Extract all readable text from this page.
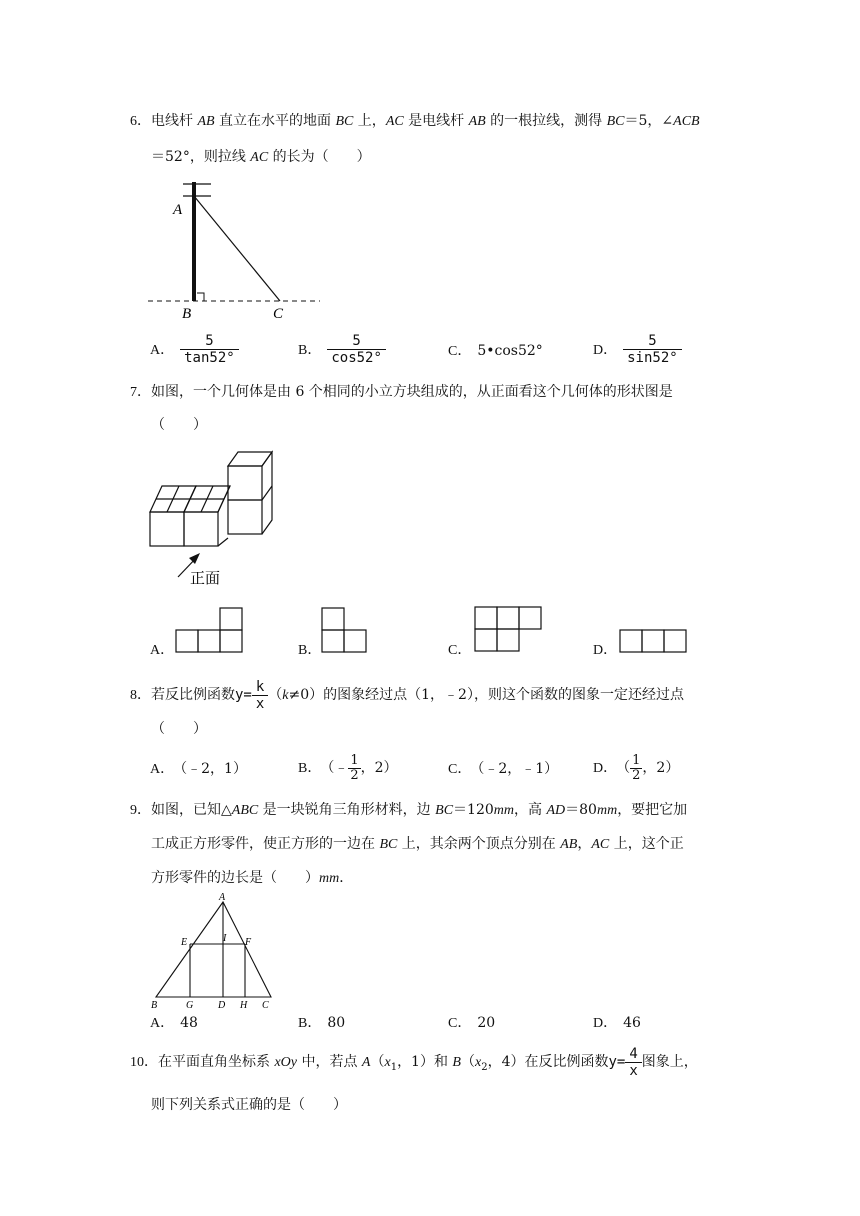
6．电线杆 AB 直立在水平的地面 BC 上，AC 是电线杆 AB 的一根拉线，测得 BC＝5，∠ACB
＝52°，则拉线 AC 的长为（　　）
A
B	C
A． $\frac{5}{\tan 52^\circ}$	B． $\frac{5}{\cos 52^\circ}$	C． 5•cos52°	D． $\frac{5}{\sin 52^\circ}$
7．如图，一个几何体是由 6 个相同的小立方块组成的，从正面看这个几何体的形状图是
（　　）
正面
A．	B．	C．	D．
8．若反比例函数$y= \frac{k}{x} (k\ne 0)$的图象经过点（1，﹣2），则这个函数的图象一定还经过点
（　　）
A． （﹣2，1）	B． （﹣ $\frac{1}{2}$ ，2）	C． （﹣2，﹣1） D． （ $\frac{1}{2}$ ，2）
9．如图，已知△ABC 是一块锐角三角形材料，边 BC＝120mm，高 AD＝80mm，要把它加
工成正方形零件，使正方形的一边在 BC 上，其余两个顶点分别在 AB，AC 上，这个正
方形零件的边长是（　　）mm．
A
E	I F
B	G D H C
A． 48	B． 80	C． 20	D． 46
10．在平面直角坐标系 xOy 中，若点 $A(x_1$，1）和 $B(x_2$，4）在反比例函数$y= \frac{4}{x}$ 图象上，
则下列关系式正确的是（　　）
